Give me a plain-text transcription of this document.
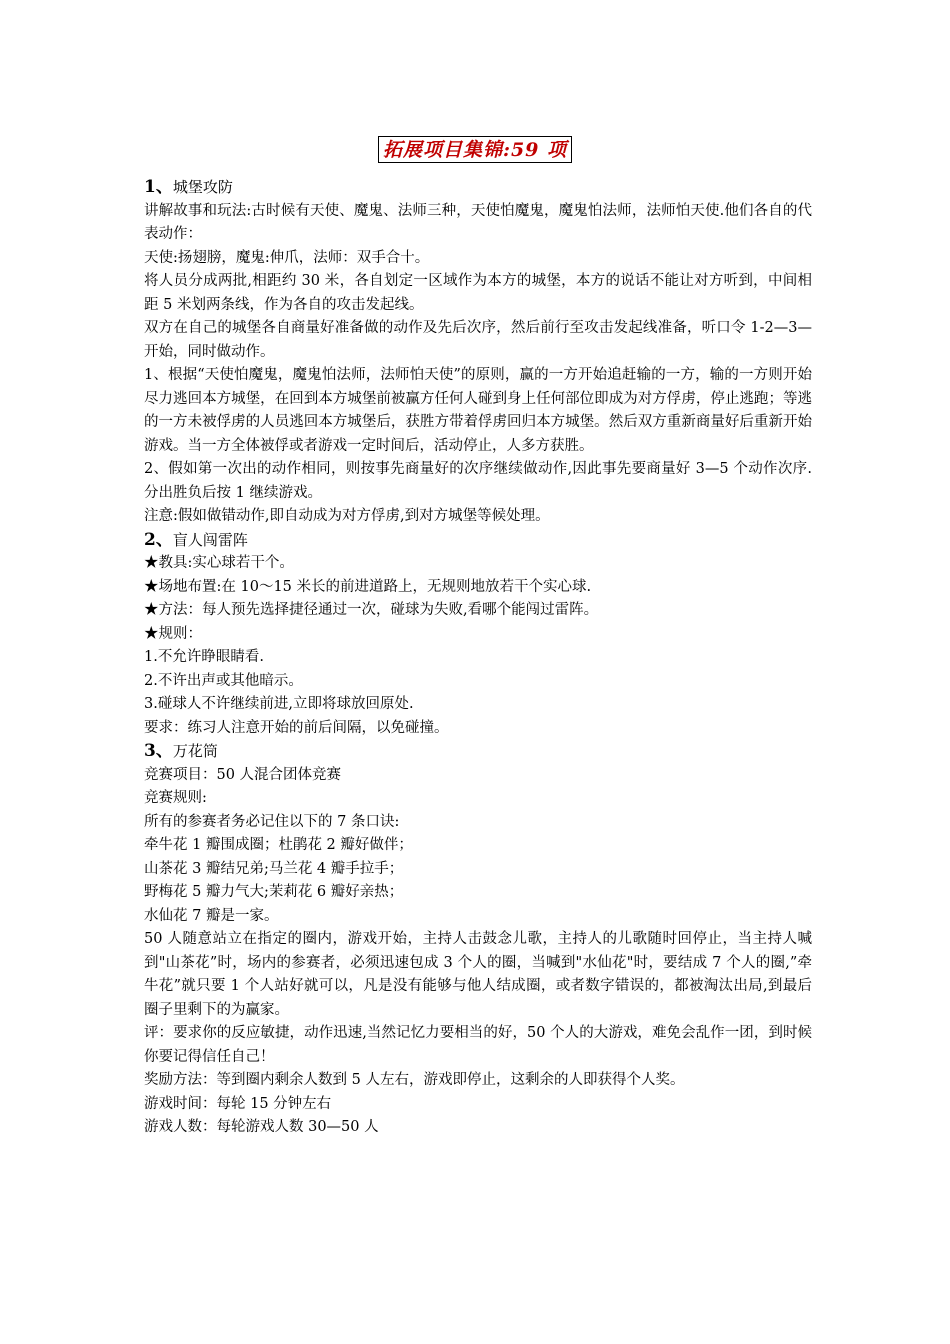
拓展项目集锦:59 项

1、城堡攻防

讲解故事和玩法:古时候有天使、魔鬼、法师三种，天使怕魔鬼，魔鬼怕法师，法师怕天使.他们各自的代表动作：

天使:扬翅膀，魔鬼:伸爪，法师：双手合十。

将人员分成两批,相距约 30 米，各自划定一区域作为本方的城堡，本方的说话不能让对方听到，中间相距 5 米划两条线，作为各自的攻击发起线。

双方在自己的城堡各自商量好准备做的动作及先后次序，然后前行至攻击发起线准备，听口令 1-2—3—开始，同时做动作。

1、根据“天使怕魔鬼，魔鬼怕法师，法师怕天使”的原则，赢的一方开始追赶输的一方，输的一方则开始尽力逃回本方城堡，在回到本方城堡前被赢方任何人碰到身上任何部位即成为对方俘虏，停止逃跑；等逃的一方未被俘虏的人员逃回本方城堡后，获胜方带着俘虏回归本方城堡。然后双方重新商量好后重新开始游戏。当一方全体被俘或者游戏一定时间后，活动停止，人多方获胜。

2、假如第一次出的动作相同，则按事先商量好的次序继续做动作,因此事先要商量好 3—5 个动作次序.分出胜负后按 1 继续游戏。

注意:假如做错动作,即自动成为对方俘虏,到对方城堡等候处理。

2、盲人闯雷阵

★教具:实心球若干个。

★场地布置:在 10～15 米长的前进道路上，无规则地放若干个实心球.

★方法：每人预先选择捷径通过一次，碰球为失败,看哪个能闯过雷阵。

★规则：

1.不允许睁眼睛看.

2.不许出声或其他暗示。

3.碰球人不许继续前进,立即将球放回原处.

要求：练习人注意开始的前后间隔，以免碰撞。

3、万花筒

竞赛项目：50 人混合团体竞赛

竞赛规则:

所有的参赛者务必记住以下的 7 条口诀:

牵牛花 1 瓣围成圈；杜鹃花 2 瓣好做伴；

山茶花 3 瓣结兄弟;马兰花 4 瓣手拉手；

野梅花 5 瓣力气大;茉莉花 6 瓣好亲热；

水仙花 7 瓣是一家。

50 人随意站立在指定的圈内，游戏开始，主持人击鼓念儿歌，主持人的儿歌随时回停止，当主持人喊到"山茶花”时，场内的参赛者，必须迅速包成 3 个人的圈，当喊到"水仙花"时，要结成 7 个人的圈,”牵牛花”就只要 1 个人站好就可以，凡是没有能够与他人结成圈，或者数字错误的，都被淘汰出局,到最后圈子里剩下的为赢家。

评：要求你的反应敏捷，动作迅速,当然记忆力要相当的好，50 个人的大游戏，难免会乱作一团，到时候你要记得信任自己！

奖励方法：等到圈内剩余人数到 5 人左右，游戏即停止，这剩余的人即获得个人奖。

游戏时间：每轮 15 分钟左右

游戏人数：每轮游戏人数 30—50 人
